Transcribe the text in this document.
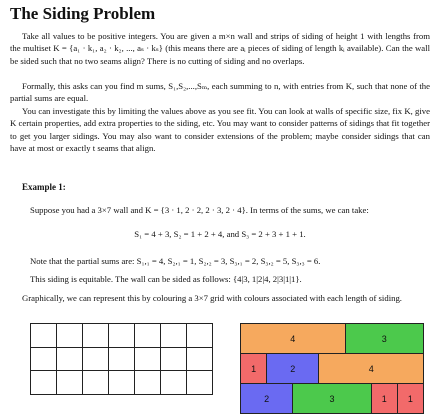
The Siding Problem

Take all values to be positive integers. You are given a m×n wall and strips of siding of height 1 with lengths from the multiset K = {a₁ · k₁, a₂ · k₂, ..., aₛ · kₛ} (this means there are aᵢ pieces of siding of length kᵢ available). Can the wall be sided such that no two seams align? There is no cutting of siding and no overlaps.

Formally, this asks can you find m sums, S₁,S₂,...,Sₘ, each summing to n, with entries from K, such that none of the partial sums are equal.

You can investigate this by limiting the values above as you see fit. You can look at walls of specific size, fix K, give K certain properties, add extra properties to the siding, etc. You may want to consider patterns of sidings that fit together to get you larger sidings. You may also want to consider extensions of the problem; maybe consider sidings that can have at most or exactly t seams that align.

Example 1:
Suppose you had a 3×7 wall and K = {3 · 1, 2 · 2, 2 · 3, 2 · 4}. In terms of the sums, we can take:
S₁ = 4 + 3, S₂ = 1 + 2 + 4, and S₃ = 2 + 3 + 1 + 1.
Note that the partial sums are: S₁,₁ = 4, S₂,₁ = 1, S₂,₂ = 3, S₃,₁ = 2, S₃,₂ = 5, S₃,₃ = 6.
This siding is equitable. The wall can be sided as follows: {4|3, 1|2|4, 2|3|1|1}.
Graphically, we can represent this by colouring a 3×7 grid with colours associated with each length of siding.

4	3
1	2	4
2	3	1	1
